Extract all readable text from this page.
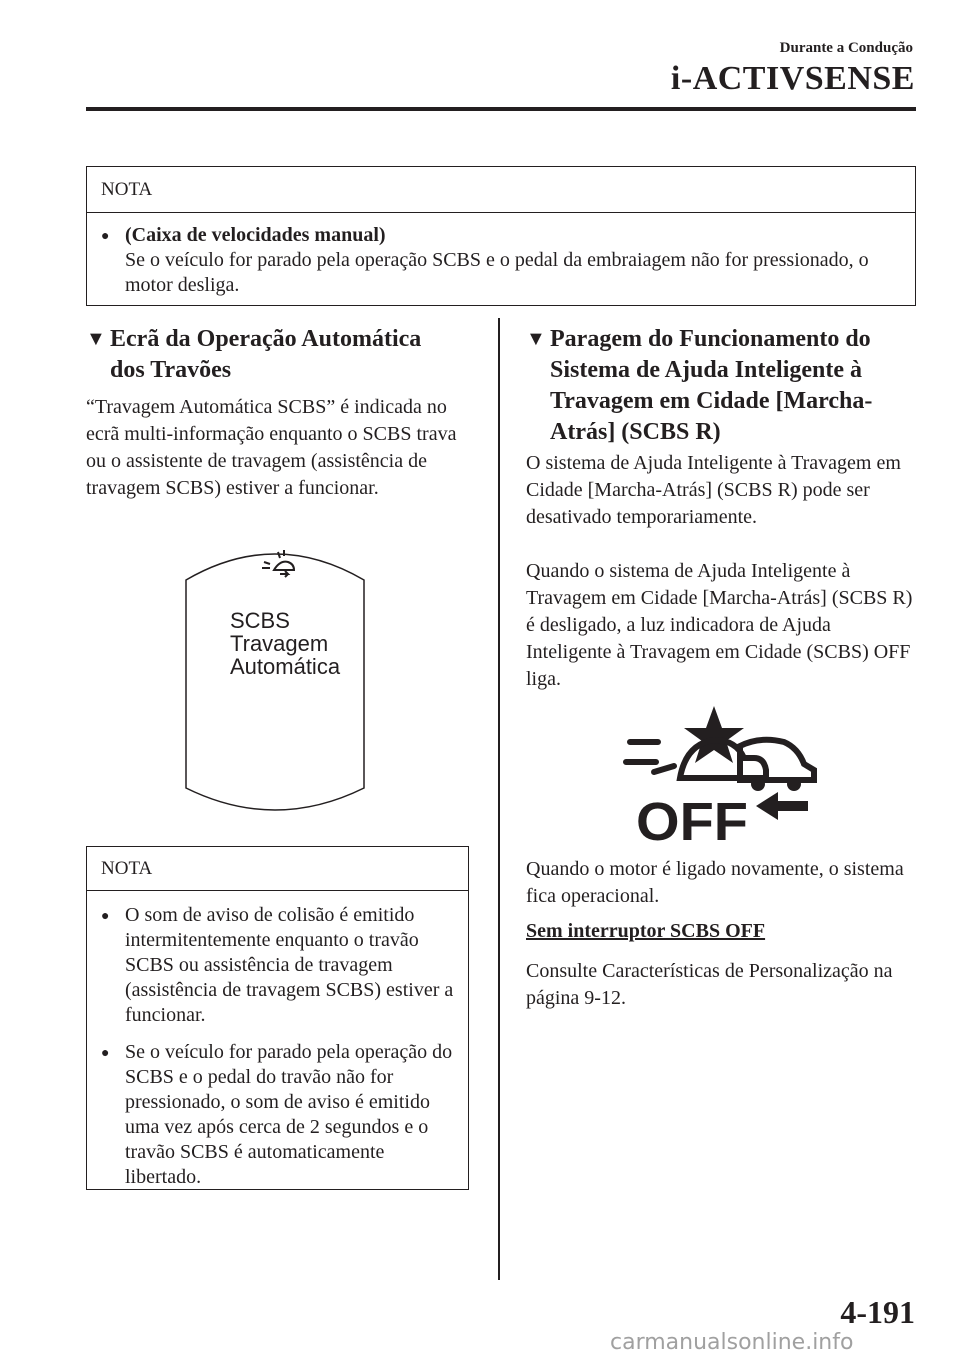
Durante a Condução
i-ACTIVSENSE
NOTA
● (Caixa de velocidades manual)
Se o veículo for parado pela operação SCBS e o pedal da embraiagem não for pressionado, o motor desliga.
▼ Ecrã da Operação Automática
dos Travões
“Travagem Automática SCBS” é indicada no ecrã multi-informação enquanto o SCBS trava ou o assistente de travagem (assistência de travagem SCBS) estiver a funcionar.
SCBS
Travagem
Automática
NOTA
● O som de aviso de colisão é emitido intermitentemente enquanto o travão SCBS ou assistência de travagem (assistência de travagem SCBS) estiver a funcionar.
● Se o veículo for parado pela operação do SCBS e o pedal do travão não for pressionado, o som de aviso é emitido uma vez após cerca de 2 segundos e o travão SCBS é automaticamente libertado.
▼ Paragem do Funcionamento do
Sistema de Ajuda Inteligente à
Travagem em Cidade [Marcha-
Atrás] (SCBS R)
O sistema de Ajuda Inteligente à Travagem em Cidade [Marcha-Atrás] (SCBS R) pode ser desativado temporariamente.
Quando o sistema de Ajuda Inteligente à Travagem em Cidade [Marcha-Atrás] (SCBS R) é desligado, a luz indicadora de Ajuda Inteligente à Travagem em Cidade (SCBS) OFF liga.
OFF
Quando o motor é ligado novamente, o sistema fica operacional.
Sem interruptor SCBS OFF
Consulte Características de Personalização na página 9-12.
4-191
carmanualsonline.info
